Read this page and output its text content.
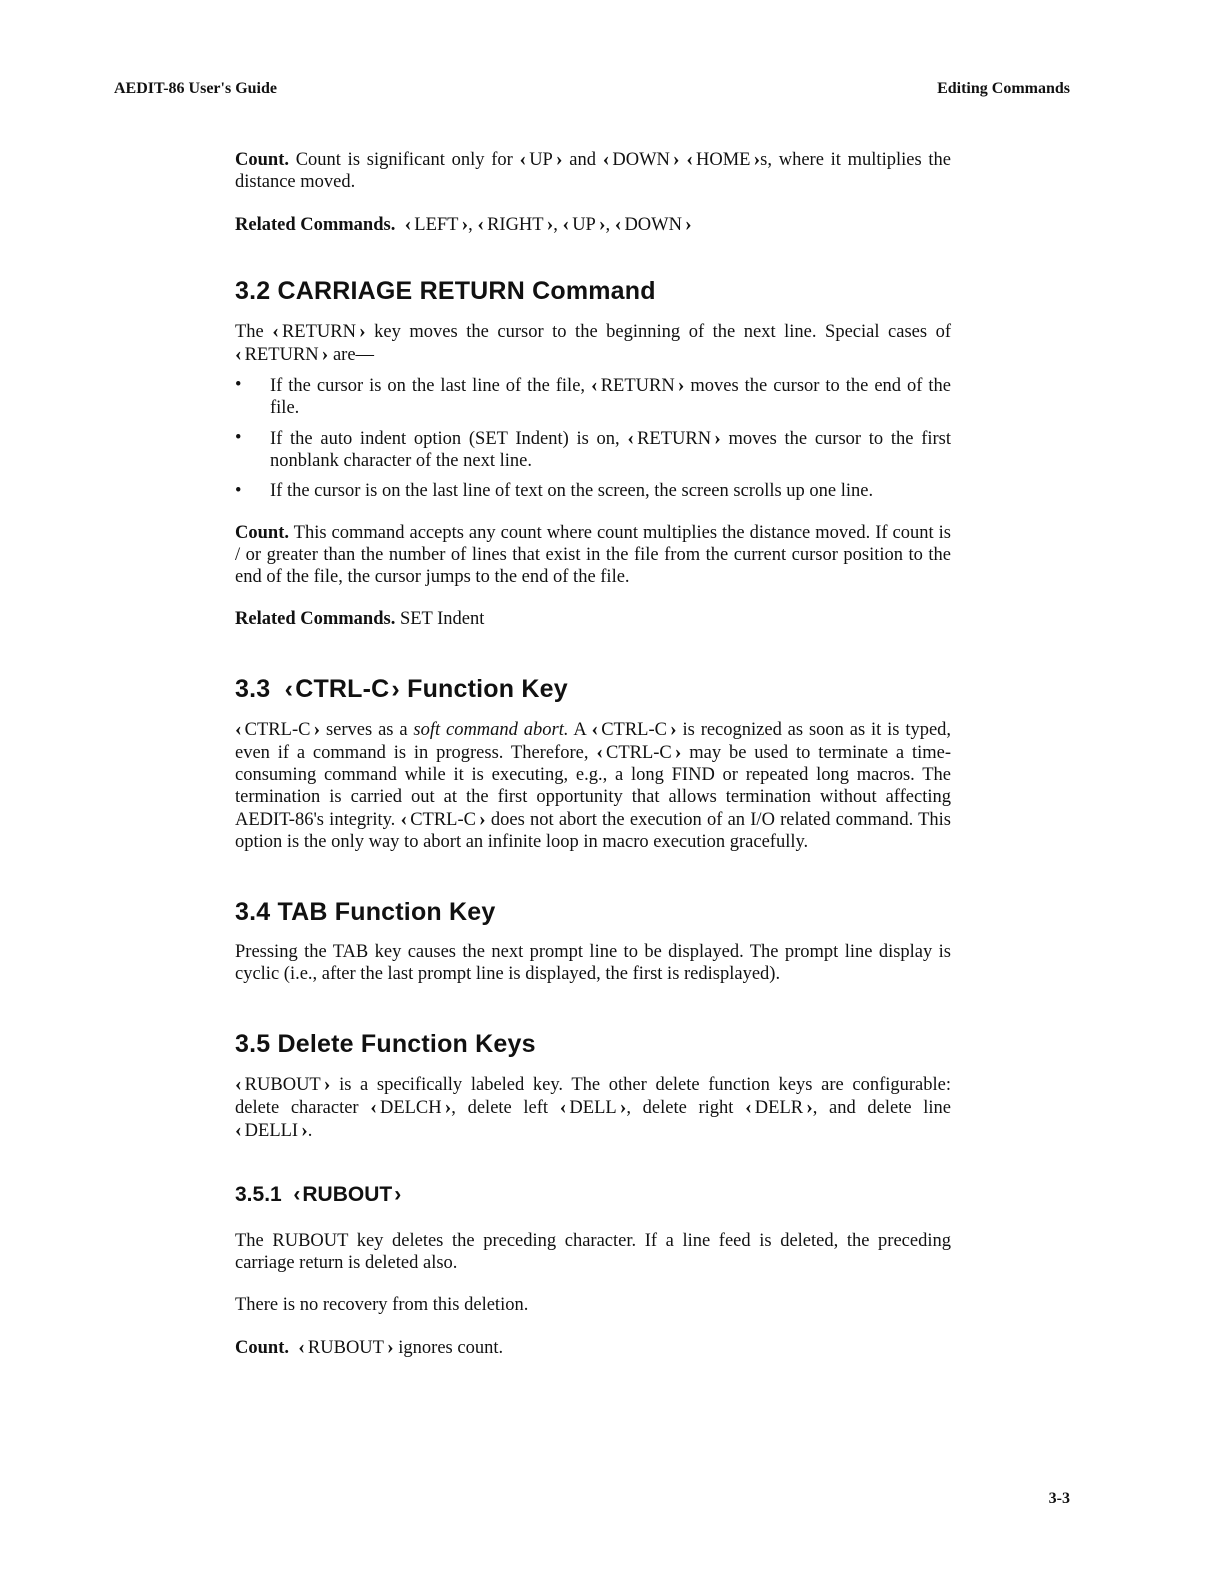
AEDIT-86 User's Guide	Editing Commands

Count. Count is significant only for ‹ UP › and ‹ DOWN › ‹ HOME › s, where it multiplies the distance moved.

Related Commands. ‹ LEFT › , ‹ RIGHT › , ‹ UP › , ‹ DOWN ›

3.2 CARRIAGE RETURN Command

The ‹ RETURN › key moves the cursor to the beginning of the next line. Special cases of ‹ RETURN › are—

• If the cursor is on the last line of the file, ‹ RETURN › moves the cursor to the end of the file.
• If the auto indent option (SET Indent) is on, ‹ RETURN › moves the cursor to the first nonblank character of the next line.
• If the cursor is on the last line of text on the screen, the screen scrolls up one line.

Count. This command accepts any count where count multiplies the distance moved. If count is / or greater than the number of lines that exist in the file from the current cursor position to the end of the file, the cursor jumps to the end of the file.

Related Commands. SET Indent

3.3 ‹ CTRL-C › Function Key

‹ CTRL-C › serves as a soft command abort. A ‹ CTRL-C › is recognized as soon as it is typed, even if a command is in progress. Therefore, ‹ CTRL-C › may be used to terminate a time-consuming command while it is executing, e.g., a long FIND or repeated long macros. The termination is carried out at the first opportunity that allows termination without affecting AEDIT-86's integrity. ‹ CTRL-C › does not abort the execution of an I/O related command. This option is the only way to abort an infinite loop in macro execution gracefully.

3.4 TAB Function Key

Pressing the TAB key causes the next prompt line to be displayed. The prompt line display is cyclic (i.e., after the last prompt line is displayed, the first is redisplayed).

3.5 Delete Function Keys

‹ RUBOUT › is a specifically labeled key. The other delete function keys are configurable: delete character ‹ DELCH › , delete left ‹ DELL › , delete right ‹ DELR › , and delete line ‹ DELLI › .

3.5.1 ‹ RUBOUT ›

The RUBOUT key deletes the preceding character. If a line feed is deleted, the preceding carriage return is deleted also.

There is no recovery from this deletion.

Count. ‹ RUBOUT › ignores count.

3-3
